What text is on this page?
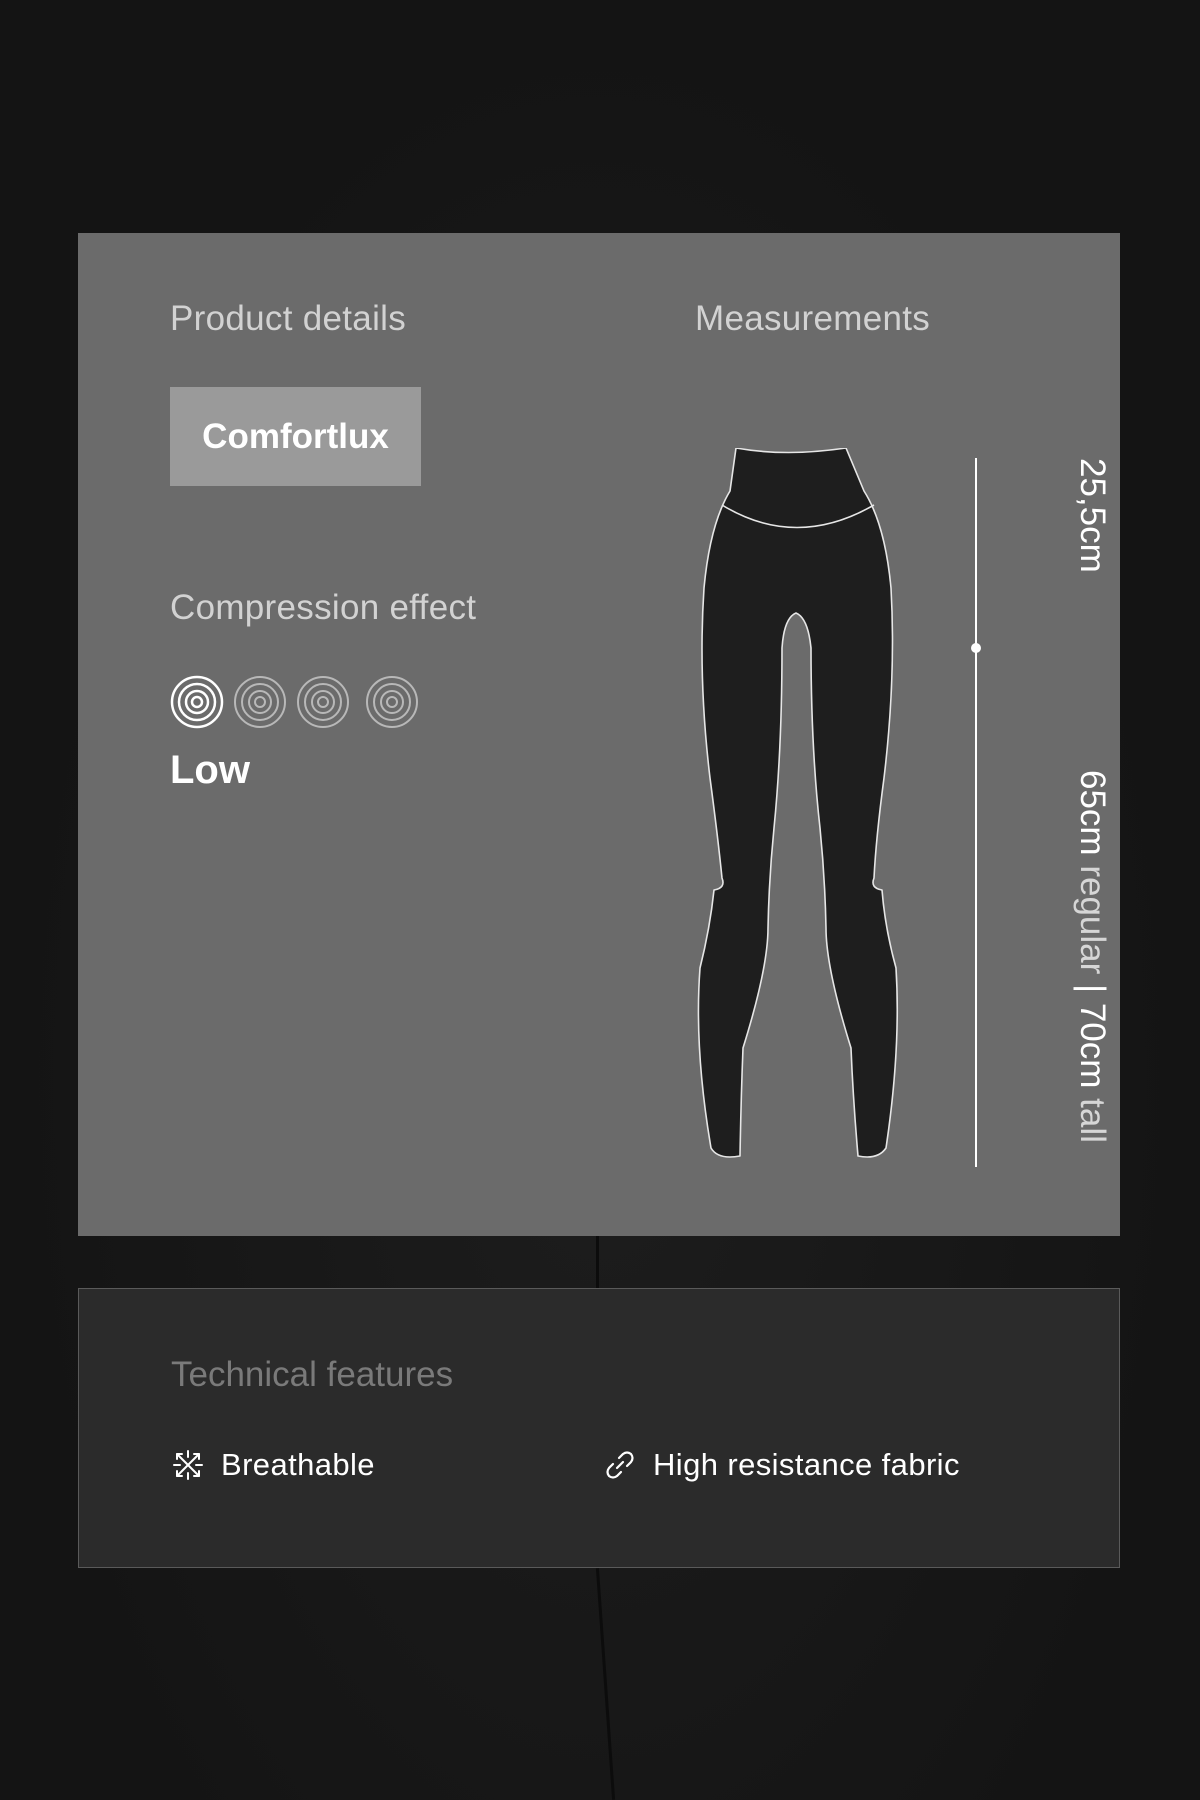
Product details
Comfortlux
Compression effect
Low
Measurements
25,5cm
65cm regular | 70cm tall
Technical features
Breathable	High resistance fabric
